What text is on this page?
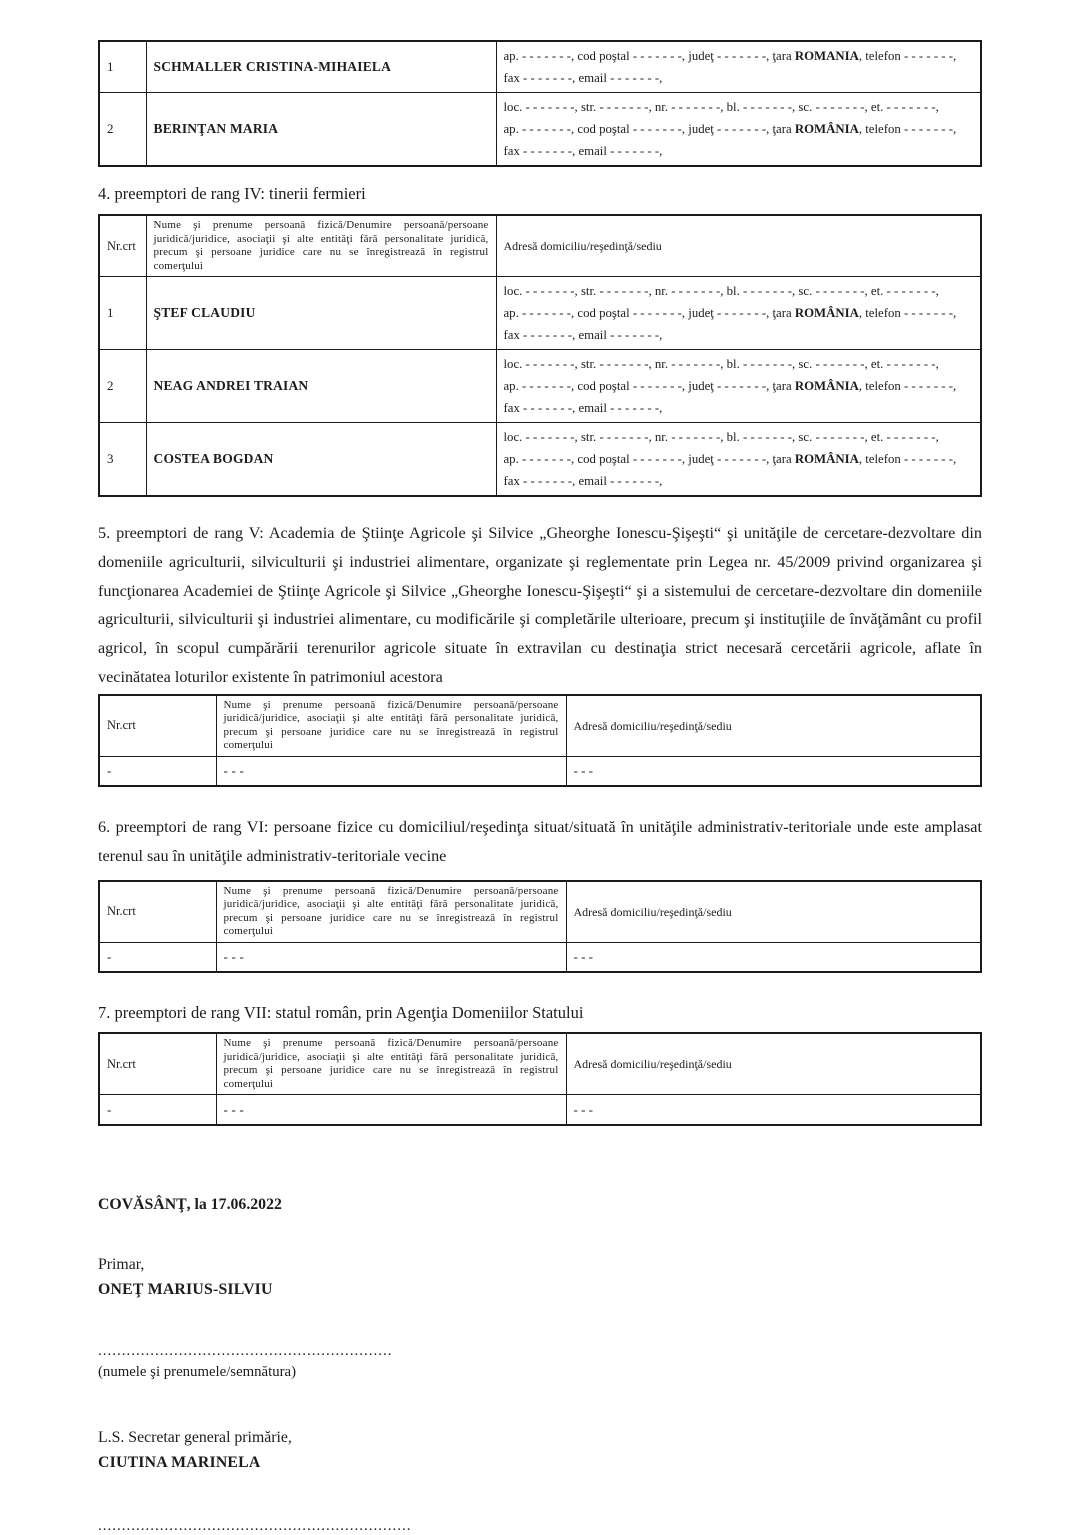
1	SCHMALLER CRISTINA-MIHAIELA	ap. - - - - - - -, cod poştal - - - - - - -, judeţ - - - - - - -, ţara ROMANIA, telefon - - - - - - -,
fax - - - - - - -, email - - - - - - -,
2	BERINŢAN MARIA	loc. - - - - - - -, str. - - - - - - -, nr. - - - - - - -, bl. - - - - - - -, sc. - - - - - - -, et. - - - - - - -,
ap. - - - - - - -, cod poştal - - - - - - -, judeţ - - - - - - -, ţara ROMÂNIA, telefon - - - - - - -,
fax - - - - - - -, email - - - - - - -,
4. preemptori de rang IV: tinerii fermieri
Nr.crt	Nume şi prenume persoană fizică/Denumire persoană/persoane juridică/juridice, asociaţii şi alte entităţi fără personalitate juridică, precum şi persoane juridice care nu se înregistrează în registrul comerţului	Adresă domiciliu/reşedinţă/sediu
1	ŞTEF CLAUDIU	loc. - - - - - - -, str. - - - - - - -, nr. - - - - - - -, bl. - - - - - - -, sc. - - - - - - -, et. - - - - - - -,
ap. - - - - - - -, cod poştal - - - - - - -, judeţ - - - - - - -, ţara ROMÂNIA, telefon - - - - - - -,
fax - - - - - - -, email - - - - - - -,
2	NEAG ANDREI TRAIAN	loc. - - - - - - -, str. - - - - - - -, nr. - - - - - - -, bl. - - - - - - -, sc. - - - - - - -, et. - - - - - - -,
ap. - - - - - - -, cod poştal - - - - - - -, judeţ - - - - - - -, ţara ROMÂNIA, telefon - - - - - - -,
fax - - - - - - -, email - - - - - - -,
3	COSTEA BOGDAN	loc. - - - - - - -, str. - - - - - - -, nr. - - - - - - -, bl. - - - - - - -, sc. - - - - - - -, et. - - - - - - -,
ap. - - - - - - -, cod poştal - - - - - - -, judeţ - - - - - - -, ţara ROMÂNIA, telefon - - - - - - -,
fax - - - - - - -, email - - - - - - -,
5. preemptori de rang V: Academia de Ştiinţe Agricole şi Silvice „Gheorghe Ionescu-Şişeşti“ şi unităţile de cercetare-dezvoltare din domeniile agriculturii, silviculturii şi industriei alimentare, organizate şi reglementate prin Legea nr. 45/2009 privind organizarea şi funcţionarea Academiei de Ştiinţe Agricole şi Silvice „Gheorghe Ionescu-Şişeşti“ şi a sistemului de cercetare-dezvoltare din domeniile agriculturii, silviculturii şi industriei alimentare, cu modificările şi completările ulterioare, precum şi instituţiile de învăţământ cu profil agricol, în scopul cumpărării terenurilor agricole situate în extravilan cu destinaţia strict necesară cercetării agricole, aflate în vecinătatea loturilor existente în patrimoniul acestora
Nr.crt	Nume şi prenume persoană fizică/Denumire persoană/persoane juridică/juridice, asociaţii şi alte entităţi fără personalitate juridică, precum şi persoane juridice care nu se înregistrează în registrul comerţului	Adresă domiciliu/reşedinţă/sediu
-	- - -	- - -
6. preemptori de rang VI: persoane fizice cu domiciliul/reşedinţa situat/situată în unităţile administrativ-teritoriale unde este amplasat terenul sau în unităţile administrativ-teritoriale vecine
Nr.crt	Nume şi prenume persoană fizică/Denumire persoană/persoane juridică/juridice, asociaţii şi alte entităţi fără personalitate juridică, precum şi persoane juridice care nu se înregistrează în registrul comerţului	Adresă domiciliu/reşedinţă/sediu
-	- - -	- - -
7. preemptori de rang VII: statul român, prin Agenţia Domeniilor Statului
Nr.crt	Nume şi prenume persoană fizică/Denumire persoană/persoane juridică/juridice, asociaţii şi alte entităţi fără personalitate juridică, precum şi persoane juridice care nu se înregistrează în registrul comerţului	Adresă domiciliu/reşedinţă/sediu
-	- - -	- - -
COVĂSÂNŢ, la 17.06.2022
Primar,
ONEŢ MARIUS-SILVIU
..............................................................
(numele şi prenumele/semnătura)
L.S. Secretar general primărie,
CIUTINA MARINELA
..................................................................
